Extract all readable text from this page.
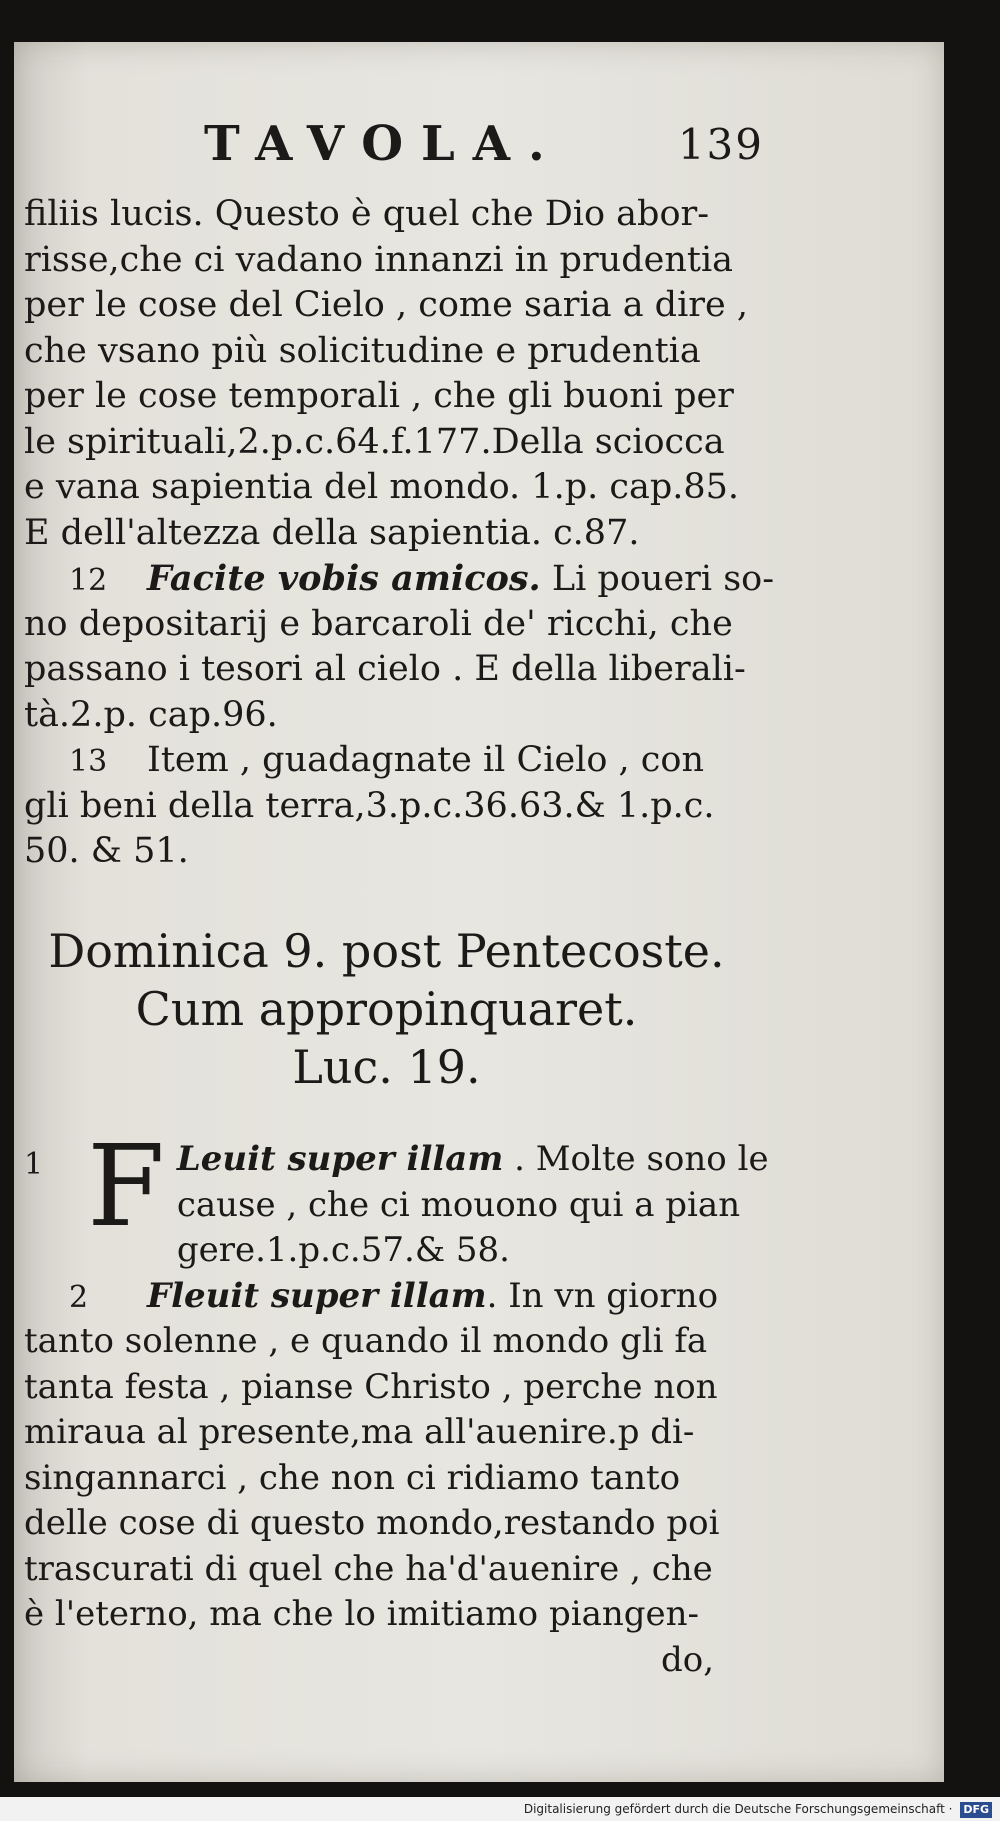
TAVOLA.	139
filiis lucis. Questo è quel che Dio abor-
risse,che ci vadano innanzi in prudentia
per le cose del Cielo , come saria a dire ,
che vsano più solicitudine e prudentia
per le cose temporali , che gli buoni per
le spirituali,2.p.c.64.f.177.Della sciocca
e vana sapientia del mondo. 1.p. cap.85.
E dell'altezza della sapientia. c.87.
12 Facite vobis amicos. Li poueri so-
no depositarij e barcaroli de' ricchi, che
passano i tesori al cielo . E della liberali-
tà.2.p. cap.96.
13 Item , guadagnate il Cielo , con
gli beni della terra,3.p.c.36.63.& 1.p.c.
50. & 51.
Dominica 9. post Pentecoste.
Cum appropinquaret.
Luc. 19.
1 F Leuit super illam . Molte sono le
cause , che ci mouono qui a pian
gere.1.p.c.57.& 58.
2 Fleuit super illam. In vn giorno
tanto solenne , e quando il mondo gli fa
tanta festa , pianse Christo , perche non
miraua al presente,ma all'auenire.p di-
singannarci , che non ci ridiamo tanto
delle cose di questo mondo,restando poi
trascurati di quel che ha'd'auenire , che
è l'eterno, ma che lo imitiamo piangen-
do,
Digitalisierung gefördert durch die Deutsche Forschungsgemeinschaft · DFG
